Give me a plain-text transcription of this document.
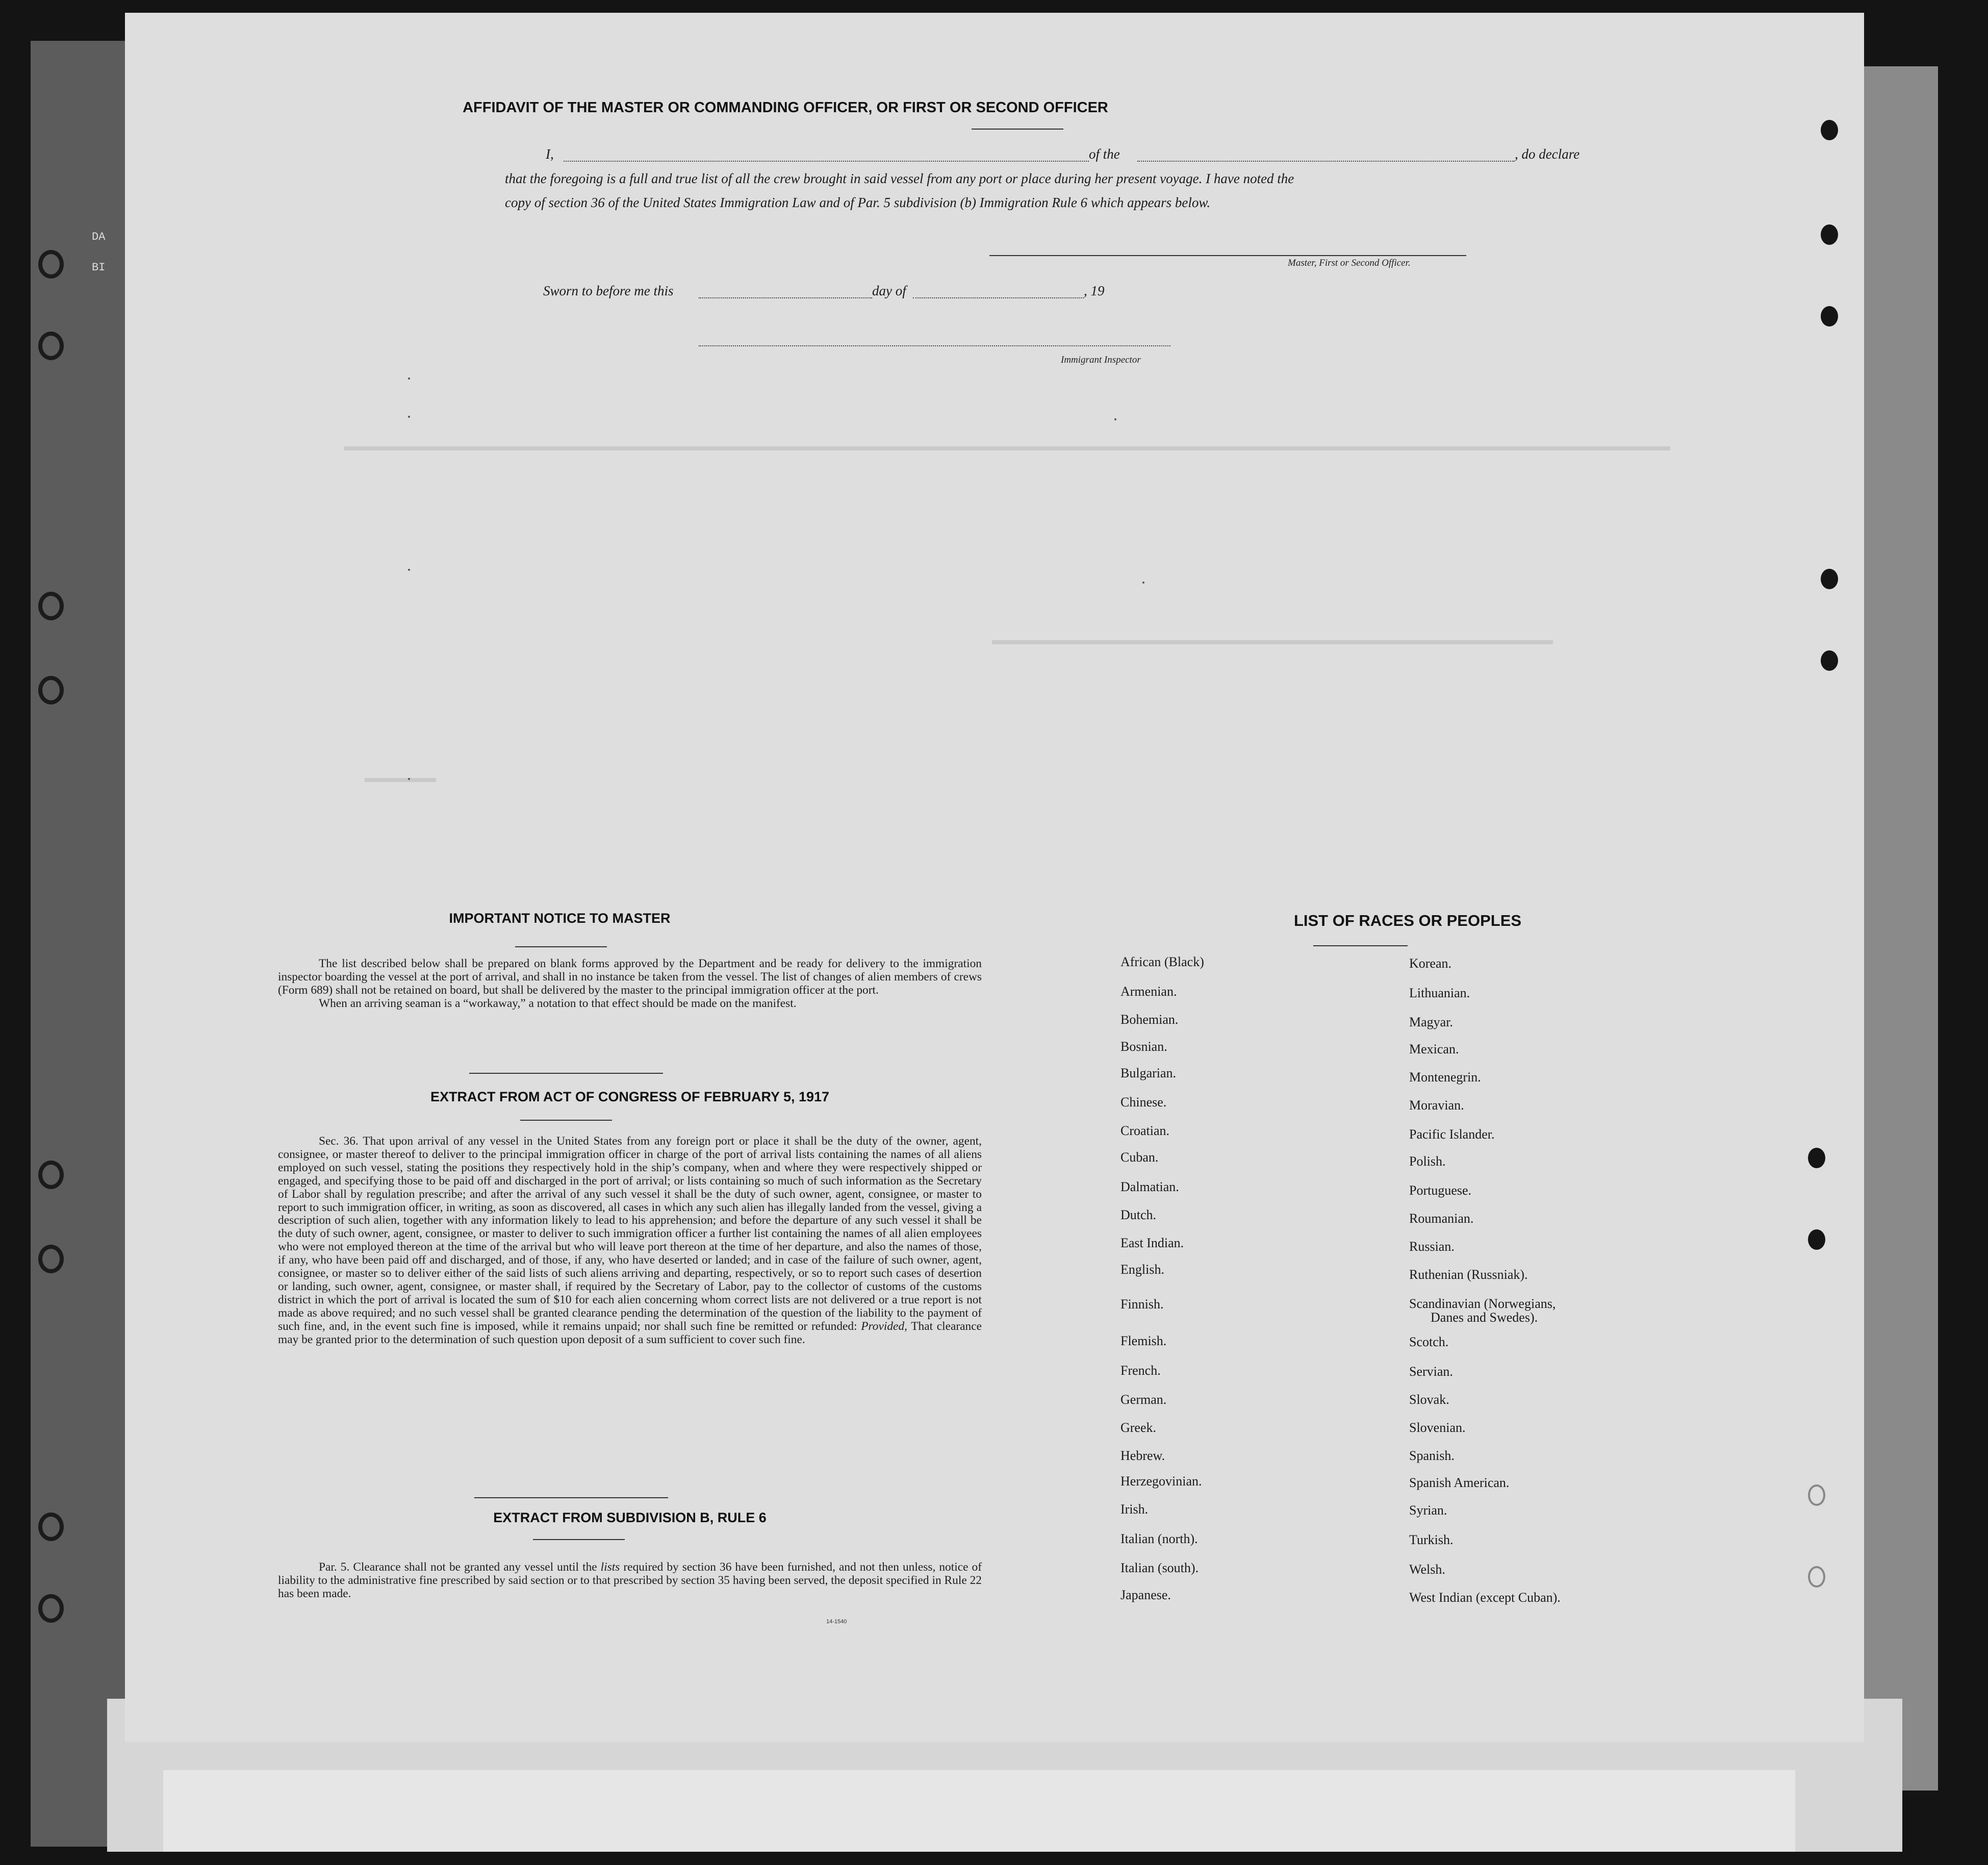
DA
BI
AFFIDAVIT OF THE MASTER OR COMMANDING OFFICER, OR FIRST OR SECOND OFFICER
I,	of the	, do declare
that the foregoing is a full and true list of all the crew brought in said vessel from any port or place during her present voyage. I have noted the
copy of section 36 of the United States Immigration Law and of Par. 5 subdivision (b) Immigration Rule 6 which appears below.
Master, First or Second Officer.
Sworn to before me this	day of	, 19
Immigrant Inspector
IMPORTANT NOTICE TO MASTER

The list described below shall be prepared on blank forms approved by the Department and be ready for delivery to the immigration inspector boarding the vessel at the port of arrival, and shall in no instance be taken from the vessel. The list of changes of alien members of crews (Form 689) shall not be retained on board, but shall be delivered by the master to the principal immigration officer at the port.

When an arriving seaman is a “workaway,” a notation to that effect should be made on the manifest.

EXTRACT FROM ACT OF CONGRESS OF FEBRUARY 5, 1917

Sec. 36. That upon arrival of any vessel in the United States from any foreign port or place it shall be the duty of the owner, agent, consignee, or master thereof to deliver to the principal immigration officer in charge of the port of arrival lists containing the names of all aliens employed on such vessel, stating the positions they respectively hold in the ship’s company, when and where they were respectively shipped or engaged, and specifying those to be paid off and discharged in the port of arrival; or lists containing so much of such information as the Secretary of Labor shall by regulation prescribe; and after the arrival of any such vessel it shall be the duty of such owner, agent, consignee, or master to report to such immigration officer, in writing, as soon as discovered, all cases in which any such alien has illegally landed from the vessel, giving a description of such alien, together with any information likely to lead to his apprehension; and before the departure of any such vessel it shall be the duty of such owner, agent, consignee, or master to deliver to such immigration officer a further list containing the names of all alien employees who were not employed thereon at the time of the arrival but who will leave port thereon at the time of her departure, and also the names of those, if any, who have been paid off and discharged, and of those, if any, who have deserted or landed; and in case of the failure of such owner, agent, consignee, or master so to deliver either of the said lists of such aliens arriving and departing, respectively, or so to report such cases of desertion or landing, such owner, agent, consignee, or master shall, if required by the Secretary of Labor, pay to the collector of customs of the customs district in which the port of arrival is located the sum of $10 for each alien concerning whom correct lists are not delivered or a true report is not made as above required; and no such vessel shall be granted clearance pending the determination of the question of the liability to the payment of such fine, and, in the event such fine is imposed, while it remains unpaid; nor shall such fine be remitted or refunded: Provided, That clearance may be granted prior to the determination of such question upon deposit of a sum sufficient to cover such fine.

EXTRACT FROM SUBDIVISION B, RULE 6

Par. 5. Clearance shall not be granted any vessel until the lists required by section 36 have been furnished, and not then unless, notice of liability to the administrative fine prescribed by said section or to that prescribed by section 35 having been served, the deposit specified in Rule 22 has been made.

14-1540
LIST OF RACES OR PEOPLES
African (Black)
Armenian.
Bohemian.
Bosnian.
Bulgarian.
Chinese.
Croatian.
Cuban.
Dalmatian.
Dutch.
East Indian.
English.
Finnish.
Flemish.
French.
German.
Greek.
Hebrew.
Herzegovinian.
Irish.
Italian (north).
Italian (south).
Japanese.
Korean.
Lithuanian.
Magyar.
Mexican.
Montenegrin.
Moravian.
Pacific Islander.
Polish.
Portuguese.
Roumanian.
Russian.
Ruthenian (Russniak).
Scandinavian (Norwegians,
Danes and Swedes).
Scotch.
Servian.
Slovak.
Slovenian.
Spanish.
Spanish American.
Syrian.
Turkish.
Welsh.
West Indian (except Cuban).
